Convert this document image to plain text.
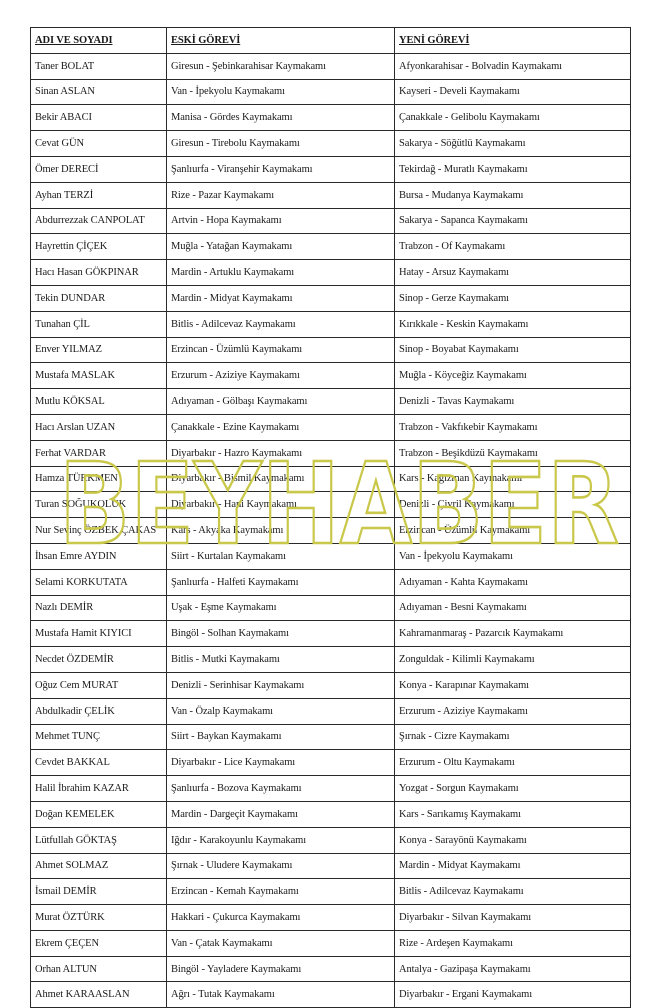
ADI VE SOYADI	ESKİ GÖREVİ	YENİ GÖREVİ
Taner BOLAT	Giresun - Şebinkarahisar Kaymakamı	Afyonkarahisar - Bolvadin Kaymakamı
Sinan ASLAN	Van - İpekyolu Kaymakamı	Kayseri - Develi Kaymakamı
Bekir ABACI	Manisa - Gördes Kaymakamı	Çanakkale - Gelibolu Kaymakamı
Cevat GÜN	Giresun - Tirebolu Kaymakamı	Sakarya - Söğütlü Kaymakamı
Ömer DERECİ	Şanlıurfa - Viranşehir Kaymakamı	Tekirdağ - Muratlı Kaymakamı
Ayhan TERZİ	Rize - Pazar Kaymakamı	Bursa - Mudanya Kaymakamı
Abdurrezzak CANPOLAT	Artvin - Hopa Kaymakamı	Sakarya - Sapanca Kaymakamı
Hayrettin ÇİÇEK	Muğla - Yatağan Kaymakamı	Trabzon - Of Kaymakamı
Hacı Hasan GÖKPINAR	Mardin - Artuklu Kaymakamı	Hatay - Arsuz Kaymakamı
Tekin DUNDAR	Mardin - Midyat Kaymakamı	Sinop - Gerze Kaymakamı
Tunahan ÇİL	Bitlis - Adilcevaz Kaymakamı	Kırıkkale - Keskin Kaymakamı
Enver YILMAZ	Erzincan - Üzümlü Kaymakamı	Sinop - Boyabat Kaymakamı
Mustafa MASLAK	Erzurum - Aziziye Kaymakamı	Muğla - Köyceğiz Kaymakamı
Mutlu KÖKSAL	Adıyaman - Gölbaşı Kaymakamı	Denizli - Tavas Kaymakamı
Hacı Arslan UZAN	Çanakkale - Ezine Kaymakamı	Trabzon - Vakfıkebir Kaymakamı
Ferhat VARDAR	Diyarbakır - Hazro Kaymakamı	Trabzon - Beşikdüzü Kaymakamı
Hamza TÜRKMEN	Diyarbakır - Bismil Kaymakamı	Kars - Kağızman Kaymakamı
Turan SOĞUKOLUK	Diyarbakır - Hani Kaymakamı	Denizli - Çivril Kaymakamı
Nur Sevinç ÖZBEK ÇAKAS	Kars - Akyaka Kaymakamı	Erzincan - Üzümlü Kaymakamı
İhsan Emre AYDIN	Siirt - Kurtalan Kaymakamı	Van - İpekyolu Kaymakamı
Selami KORKUTATA	Şanlıurfa - Halfeti Kaymakamı	Adıyaman - Kahta Kaymakamı
Nazlı DEMİR	Uşak - Eşme Kaymakamı	Adıyaman - Besni Kaymakamı
Mustafa Hamit KIYICI	Bingöl - Solhan Kaymakamı	Kahramanmaraş - Pazarcık Kaymakamı
Necdet ÖZDEMİR	Bitlis - Mutki Kaymakamı	Zonguldak - Kilimli Kaymakamı
Oğuz Cem MURAT	Denizli - Serinhisar Kaymakamı	Konya - Karapınar Kaymakamı
Abdulkadir ÇELİK	Van - Özalp Kaymakamı	Erzurum - Aziziye Kaymakamı
Mehmet TUNÇ	Siirt - Baykan Kaymakamı	Şırnak - Cizre Kaymakamı
Cevdet BAKKAL	Diyarbakır - Lice Kaymakamı	Erzurum - Oltu Kaymakamı
Halil İbrahim KAZAR	Şanlıurfa - Bozova Kaymakamı	Yozgat - Sorgun Kaymakamı
Doğan KEMELEK	Mardin - Dargeçit Kaymakamı	Kars - Sarıkamış Kaymakamı
Lütfullah GÖKTAŞ	Iğdır - Karakoyunlu Kaymakamı	Konya - Sarayönü Kaymakamı
Ahmet SOLMAZ	Şırnak - Uludere Kaymakamı	Mardin - Midyat Kaymakamı
İsmail DEMİR	Erzincan - Kemah Kaymakamı	Bitlis - Adilcevaz Kaymakamı
Murat ÖZTÜRK	Hakkari - Çukurca Kaymakamı	Diyarbakır - Silvan Kaymakamı
Ekrem ÇEÇEN	Van - Çatak Kaymakamı	Rize - Ardeşen Kaymakamı
Orhan ALTUN	Bingöl - Yayladere Kaymakamı	Antalya - Gazipaşa Kaymakamı
Ahmet KARAASLAN	Ağrı - Tutak Kaymakamı	Diyarbakır - Ergani Kaymakamı
BEYHABER
